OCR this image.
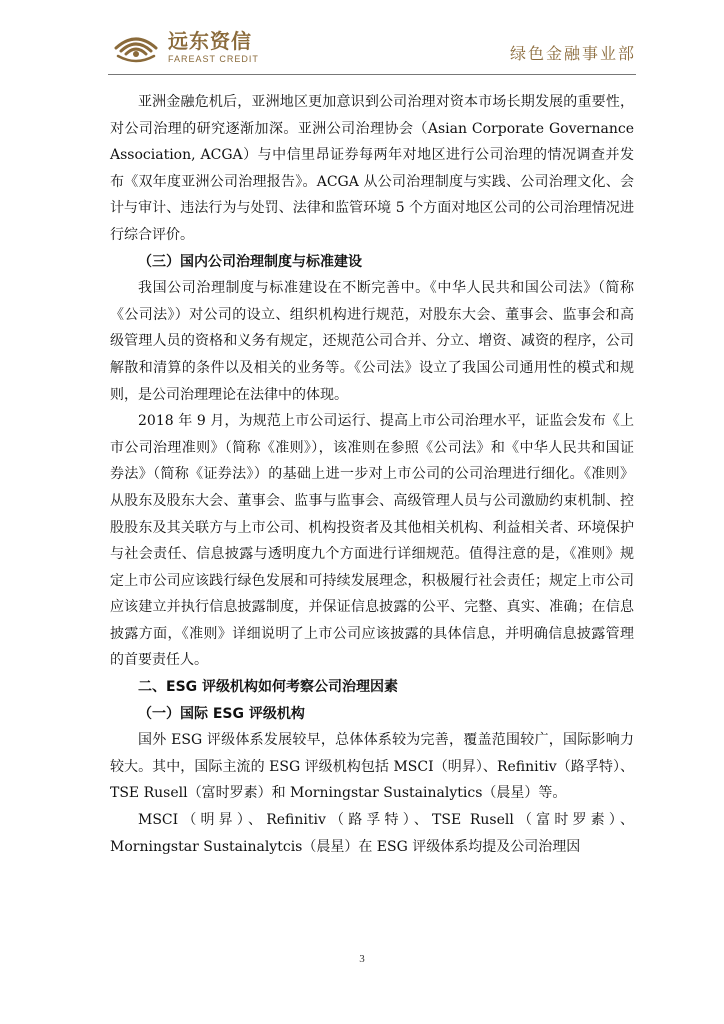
远东资信
FAREAST CREDIT	绿色金融事业部

亚洲金融危机后，亚洲地区更加意识到公司治理对资本市场长期发展的重要性，对公司治理的研究逐渐加深。亚洲公司治理协会（Asian Corporate Governance Association, ACGA）与中信里昂证券每两年对地区进行公司治理的情况调查并发布《双年度亚洲公司治理报告》。ACGA 从公司治理制度与实践、公司治理文化、会计与审计、违法行为与处罚、法律和监管环境 5 个方面对地区公司的公司治理情况进行综合评价。

（三）国内公司治理制度与标准建设

我国公司治理制度与标准建设在不断完善中。《中华人民共和国公司法》（简称《公司法》）对公司的设立、组织机构进行规范，对股东大会、董事会、监事会和高级管理人员的资格和义务有规定，还规范公司合并、分立、增资、减资的程序，公司解散和清算的条件以及相关的业务等。《公司法》设立了我国公司通用性的模式和规则，是公司治理理论在法律中的体现。

2018 年 9 月，为规范上市公司运行、提高上市公司治理水平，证监会发布《上市公司治理准则》（简称《准则》），该准则在参照《公司法》和《中华人民共和国证券法》（简称《证券法》）的基础上进一步对上市公司的公司治理进行细化。《准则》从股东及股东大会、董事会、监事与监事会、高级管理人员与公司激励约束机制、控股股东及其关联方与上市公司、机构投资者及其他相关机构、利益相关者、环境保护与社会责任、信息披露与透明度九个方面进行详细规范。值得注意的是，《准则》规定上市公司应该践行绿色发展和可持续发展理念，积极履行社会责任；规定上市公司应该建立并执行信息披露制度，并保证信息披露的公平、完整、真实、准确；在信息披露方面，《准则》详细说明了上市公司应该披露的具体信息，并明确信息披露管理的首要责任人。

二、ESG 评级机构如何考察公司治理因素

（一）国际 ESG 评级机构

国外 ESG 评级体系发展较早，总体体系较为完善，覆盖范围较广，国际影响力较大。其中，国际主流的 ESG 评级机构包括 MSCI（明昇）、Refinitiv（路孚特）、TSE Rusell（富时罗素）和 Morningstar Sustainalytics（晨星）等。

MSCI（明昇）、Refinitiv（路孚特）、TSE Rusell（富时罗素）、Morningstar Sustainalytcis（晨星）在 ESG 评级体系均提及公司治理因

3
